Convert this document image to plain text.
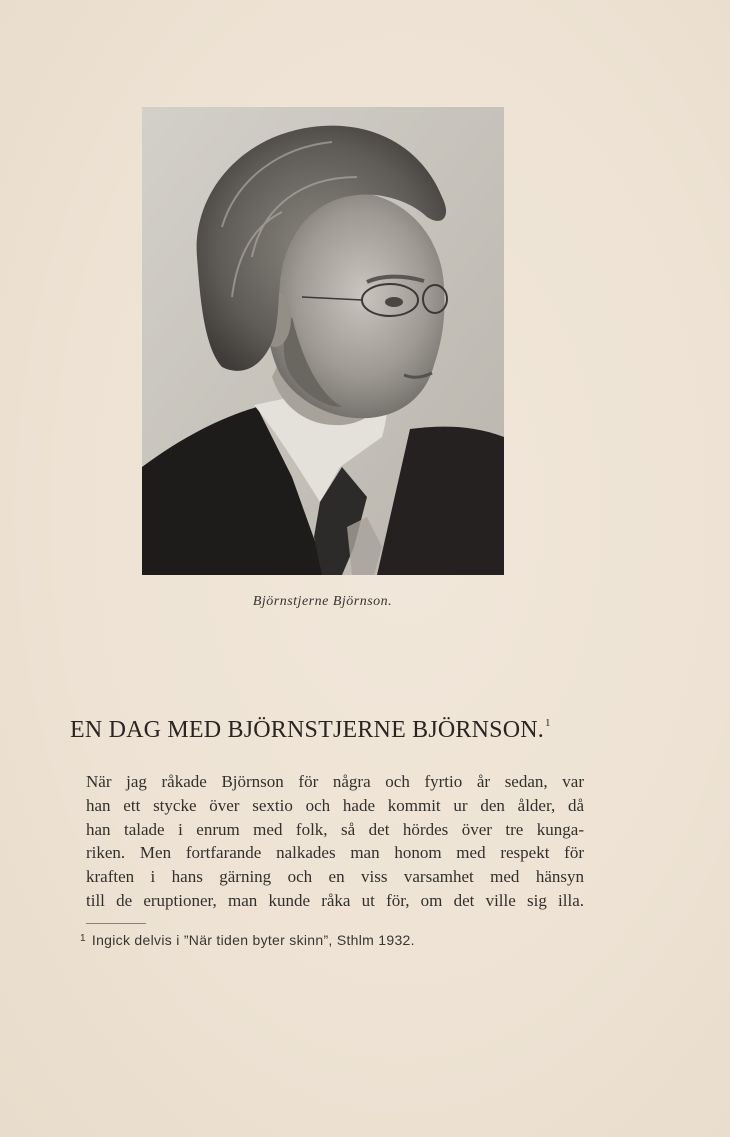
Björnstjerne Björnson.
EN DAG MED BJÖRNSTJERNE BJÖRNSON.$^1$
När jag råkade Björnson för några och fyrtio år sedan, var
han ett stycke över sextio och hade kommit ur den ålder, då
han talade i enrum med folk, så det hördes över tre kunga-
riken. Men fortfarande nalkades man honom med respekt för
kraften i hans gärning och en viss varsamhet med hänsyn
till de eruptioner, man kunde råka ut för, om det ville sig illa.
$^1$ Ingick delvis i ”När tiden byter skinn”, Sthlm 1932.
